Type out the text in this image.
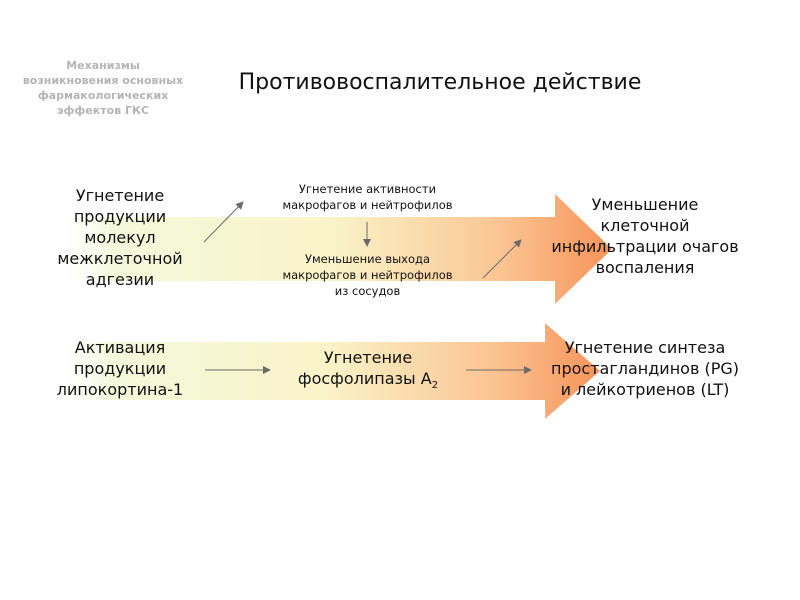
Механизмы
возникновения основных
фармакологических
эффектов ГКС
Противовоспалительное действие
Угнетение
продукции
молекул
межклеточной
адгезии
Угнетение активности
макрофагов и нейтрофилов
Уменьшение выхода
макрофагов и нейтрофилов
из сосудов
Уменьшение
клеточной
инфильтрации очагов
воспаления
Активация
продукции
липокортина-1
Угнетение
фосфолипазы $А_2$
Угнетение синтеза
простагландинов (PG)
и лейкотриенов (LT)
